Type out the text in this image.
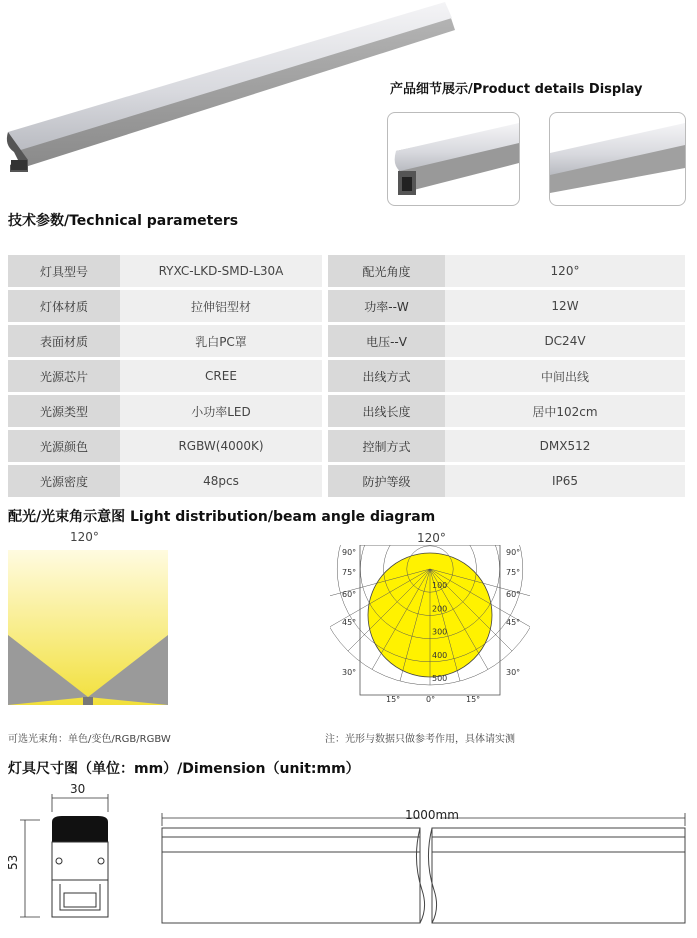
产品细节展示/Product details Display
技术参数/Technical parameters
灯具型号	RYXC-LKD-SMD-L30A		配光角度	120°
灯体材质	拉伸铝型材		功率--W	12W
表面材质	乳白PC罩		电压--V	DC24V
光源芯片	CREE		出线方式	中间出线
光源类型	小功率LED		出线长度	居中102cm
光源颜色	RGBW(4000K)		控制方式	DMX512
光源密度	48pcs		防护等级	IP65
配光/光束角示意图 Light distribution/beam angle diagram
120°	120°
100
200
300
400
500
90°
75°
60°
45°
30°
90°
75°
60°
45°
30°
15°	0°	15°
可选光束角：单色/变色/RGB/RGBW	注：光形与数据只做参考作用，具体请实测
灯具尺寸图（单位：mm）/Dimension（unit:mm）
30
53
1000mm
